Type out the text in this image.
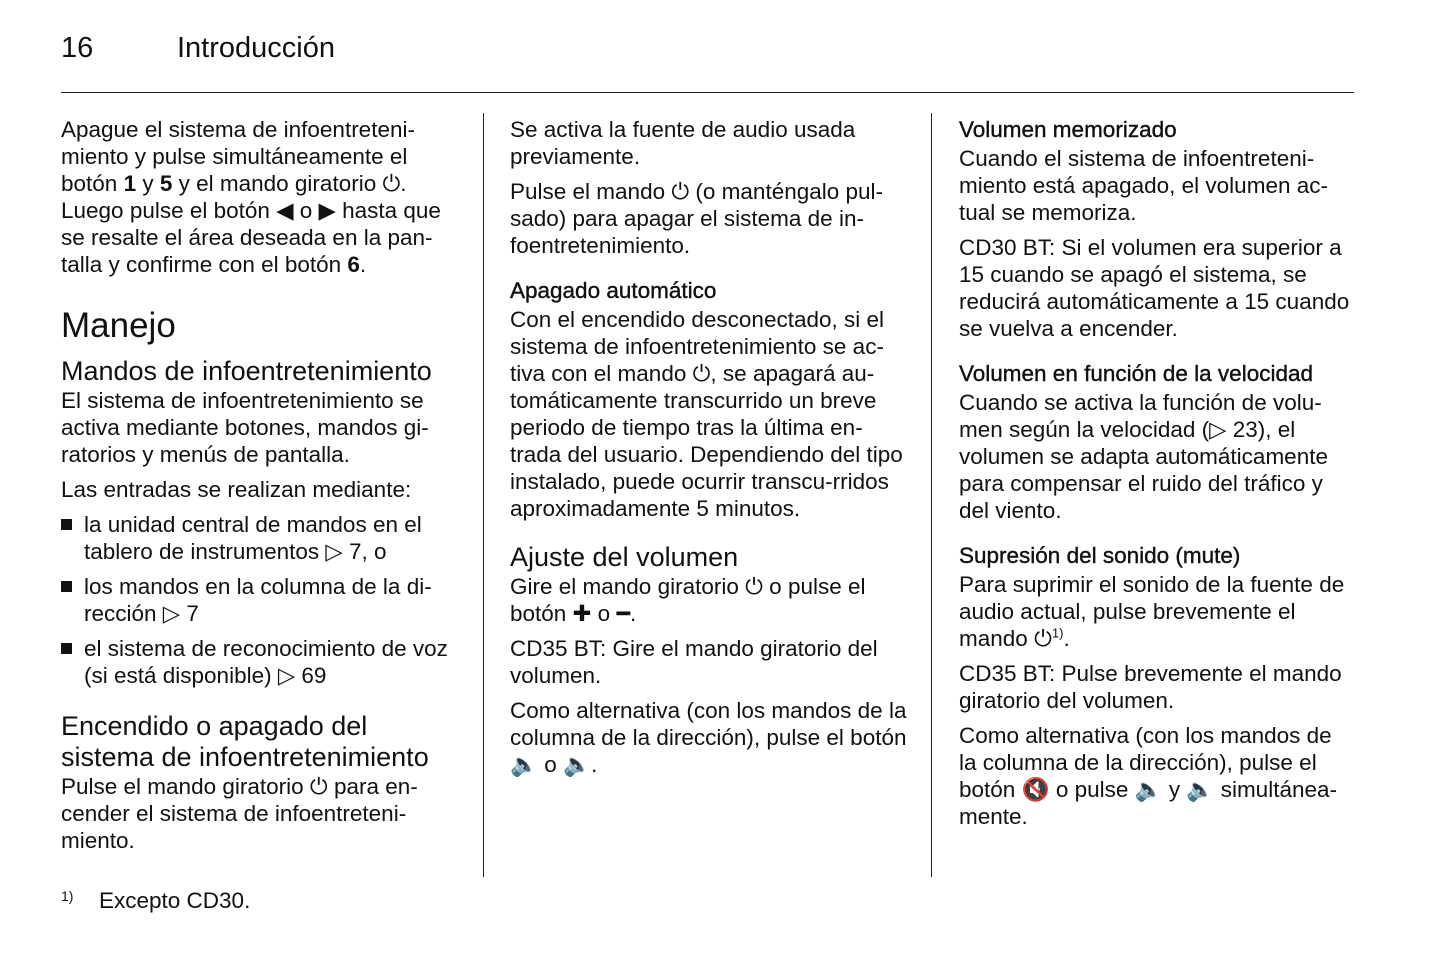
16	Introducción

Apague el sistema de infoentreteni-miento y pulse simultáneamente el botón 1 y 5 y el mando giratorio ⏻. Luego pulse el botón ◀ o ▶ hasta que se resalte el área deseada en la pan-talla y confirme con el botón 6.

Manejo
Mandos de infoentretenimiento

El sistema de infoentretenimiento se activa mediante botones, mandos gi-ratorios y menús de pantalla.

Las entradas se realizan mediante:

la unidad central de mandos en el tablero de instrumentos ▷ 7, o
los mandos en la columna de la di-rección ▷ 7
el sistema de reconocimiento de voz (si está disponible) ▷ 69
Encendido o apagado del sistema de infoentretenimiento

Pulse el mando giratorio ⏻ para en-cender el sistema de infoentreteni-miento.

Se activa la fuente de audio usada previamente.

Pulse el mando ⏻ (o manténgalo pul-sado) para apagar el sistema de in-foentretenimiento.

Apagado automático

Con el encendido desconectado, si el sistema de infoentretenimiento se ac-tiva con el mando ⏻, se apagará au-tomáticamente transcurrido un breve periodo de tiempo tras la última en-trada del usuario. Dependiendo del tipo instalado, puede ocurrir transcu-rridos aproximadamente 5 minutos.

Ajuste del volumen

Gire el mando giratorio ⏻ o pulse el botón ✚ o ━.

CD35 BT: Gire el mando giratorio del volumen.

Como alternativa (con los mandos de la columna de la dirección), pulse el botón 🔈 o 🔈.

Volumen memorizado

Cuando el sistema de infoentreteni-miento está apagado, el volumen ac-tual se memoriza.

CD30 BT: Si el volumen era superior a 15 cuando se apagó el sistema, se reducirá automáticamente a 15 cuando se vuelva a encender.

Volumen en función de la velocidad

Cuando se activa la función de volu-men según la velocidad (▷ 23), el volumen se adapta automáticamente para compensar el ruido del tráfico y del viento.

Supresión del sonido (mute)

Para suprimir el sonido de la fuente de audio actual, pulse brevemente el mando ⏻$^{1)}$.

CD35 BT: Pulse brevemente el mando giratorio del volumen.

Como alternativa (con los mandos de la columna de la dirección), pulse el botón 🔇 o pulse 🔈 y 🔈 simultánea-mente.

1) Excepto CD30.
